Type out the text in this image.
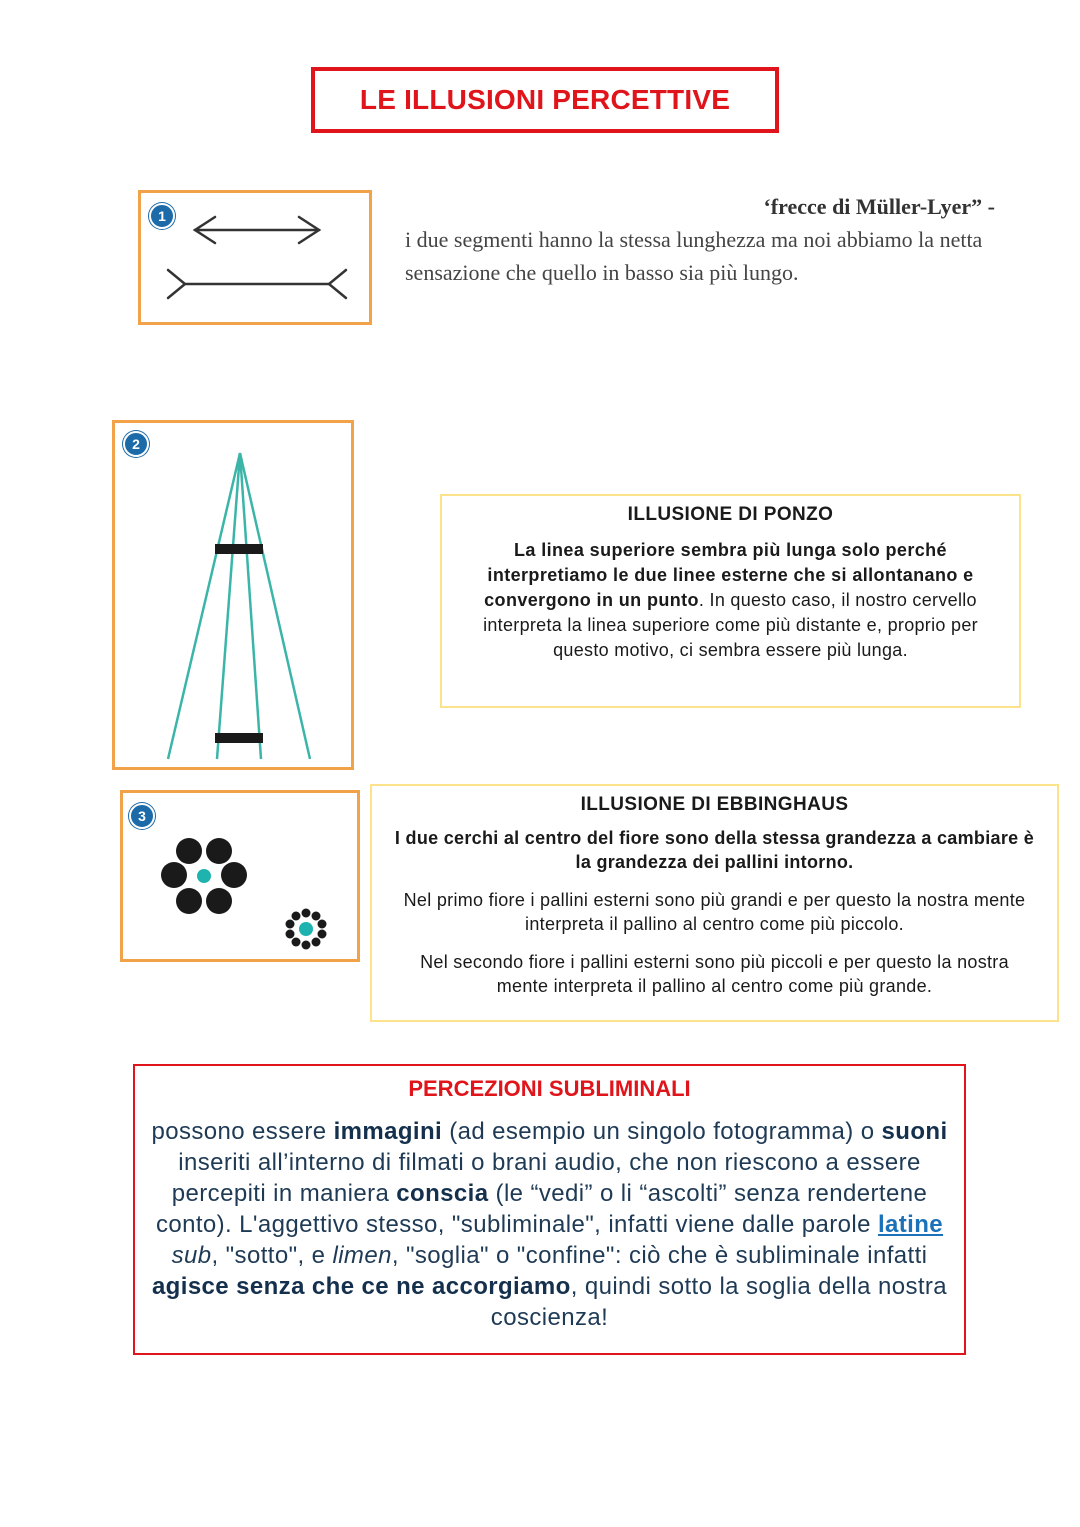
LE ILLUSIONI PERCETTIVE
1	‘frecce di Müller-Lyer” -
i due segmenti hanno la stessa lunghezza ma noi abbiamo la netta sensazione che quello in basso sia più lungo.
2
ILLUSIONE DI PONZO
La linea superiore sembra più lunga solo perché interpretiamo le due linee esterne che si allontanano e convergono in un punto. In questo caso, il nostro cervello interpreta la linea superiore come più distante e, proprio per questo motivo, ci sembra essere più lunga.
3
ILLUSIONE DI EBBINGHAUS
I due cerchi al centro del fiore sono della stessa grandezza a cambiare è la grandezza dei pallini intorno.
Nel primo fiore i pallini esterni sono più grandi e per questo la nostra mente interpreta il pallino al centro come più piccolo.
Nel secondo fiore i pallini esterni sono più piccoli e per questo la nostra mente interpreta il pallino al centro come più grande.
PERCEZIONI SUBLIMINALI
possono essere immagini (ad esempio un singolo fotogramma) o suoni inseriti all’interno di filmati o brani audio, che non riescono a essere percepiti in maniera conscia (le “vedi” o li “ascolti” senza rendertene conto). L'aggettivo stesso, "subliminale", infatti viene dalle parole latine sub, "sotto", e limen, "soglia" o "confine": ciò che è subliminale infatti agisce senza che ce ne accorgiamo, quindi sotto la soglia della nostra coscienza!
